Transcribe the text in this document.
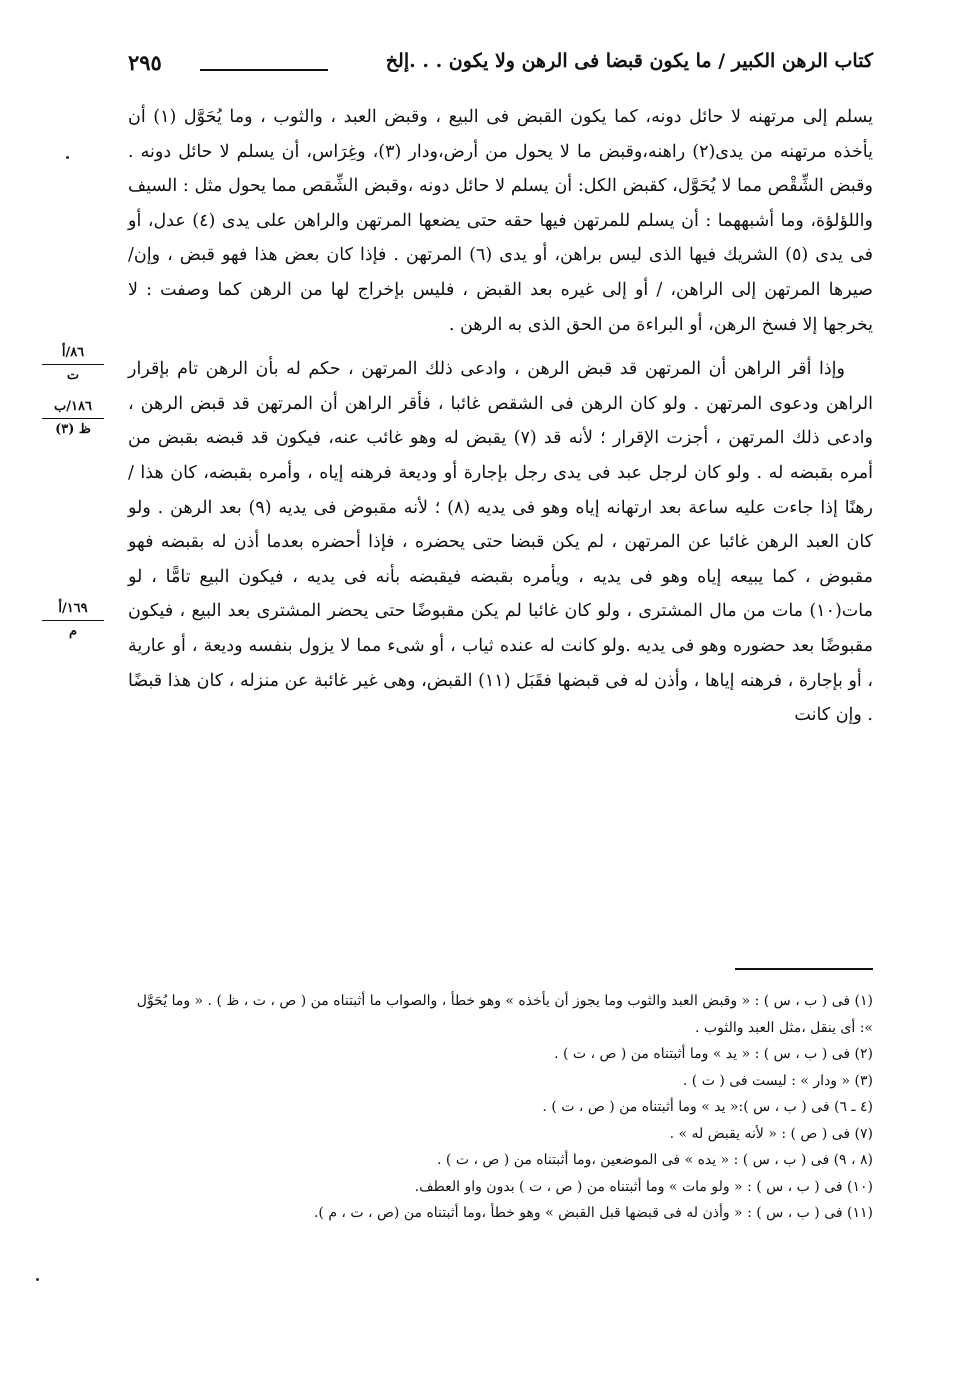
كتاب الرهن الكبير / ما يكون قبضا فى الرهن ولا يكون . . .إلخ
٢٩٥

يسلم إلى مرتهنه لا حائل دونه، كما يكون القبض فى البيع ، وقبض العبد ، والثوب ، وما يُحَوَّل (١) أن يأخذه مرتهنه من يدى(٢) راهنه،وقبض ما لا يحول من أرض،ودار (٣)، وغِرَاس، أن يسلم لا حائل دونه . وقبض الشِّقْص مما لا يُحَوَّل، كقبض الكل: أن يسلم لا حائل دونه ،وقبض الشِّقص مما يحول مثل : السيف واللؤلؤة، وما أشبههما : أن يسلم للمرتهن فيها حقه حتى يضعها المرتهن والراهن على يدى (٤) عدل، أو فى يدى (٥) الشريك فيها الذى ليس براهن، أو يدى (٦) المرتهن . فإذا كان بعض هذا فهو قبض ، وإن/ صيرها المرتهن إلى الراهن، / أو إلى غيره بعد القبض ، فليس بإخراج لها من الرهن كما وصفت : لا يخرجها إلا فسخ الرهن، أو البراءة من الحق الذى به الرهن .

وإذا أقر الراهن أن المرتهن قد قبض الرهن ، وادعى ذلك المرتهن ، حكم له بأن الرهن تام بإقرار الراهن ودعوى المرتهن . ولو كان الرهن فى الشقص غائبا ، فأقر الراهن أن المرتهن قد قبض الرهن ، وادعى ذلك المرتهن ، أجزت الإقرار ؛ لأنه قد (٧) يقبض له وهو غائب عنه، فيكون قد قبضه بقبض من أمره بقبضه له . ولو كان لرجل عبد فى يدى رجل بإجارة أو وديعة فرهنه إياه ، وأمره بقبضه، كان هذا / رهنًا إذا جاءت عليه ساعة بعد ارتهانه إياه وهو فى يديه (٨) ؛ لأنه مقبوض فى يديه (٩) بعد الرهن . ولو كان العبد الرهن غائبا عن المرتهن ، لم يكن قبضا حتى يحضره ، فإذا أحضره بعدما أذن له بقبضه فهو مقبوض ، كما يبيعه إياه وهو فى يديه ، ويأمره بقبضه فيقبضه بأنه فى يديه ، فيكون البيع تامًّا ، لو مات(١٠) مات من مال المشترى ، ولو كان غائبا لم يكن مقبوضًا حتى يحضر المشترى بعد البيع ، فيكون مقبوضًا بعد حضوره وهو فى يديه .ولو كانت له عنده ثياب ، أو شىء مما لا يزول بنفسه وديعة ، أو عارية ، أو بإجارة ، فرهنه إياها ، وأذن له فى قبضها فقَبَل (١١) القبض، وهى غير غائبة عن منزله ، كان هذا قبضًا . وإن كانت

٨٦/أ
ت
١٨٦/ب
ظ (٣)
١٦٩/أ
م

(١) فى ( ب ، س ) : « وقبض العبد والثوب وما يجوز أن يأخذه » وهو خطأ ، والصواب ما أثبتناه من ( ص ، ت ، ظ ) . « وما يُحَوَّل »: أى ينقل ،مثل العبد والثوب .

(٢) فى ( ب ، س ) : « يد » وما أثبتناه من ( ص ، ت ) .

(٣) « ودار » : ليست فى ( ت ) .

(٤ ـ ٦) فى ( ب ، س ):« يد » وما أثبتناه من ( ص ، ت ) .

(٧) فى ( ص ) : « لأنه يقبض له » .

(٨ ، ٩) فى ( ب ، س ) : « يده » فى الموضعين ،وما أثبتناه من ( ص ، ت ) .

(١٠) فى ( ب ، س ) : « ولو مات » وما أثبتناه من ( ص ، ت ) بدون واو العطف.

(١١) فى ( ب ، س ) : « وأذن له فى قبضها قبل القبض » وهو خطأ ،وما أثبتناه من (ص ، ت ، م ).
